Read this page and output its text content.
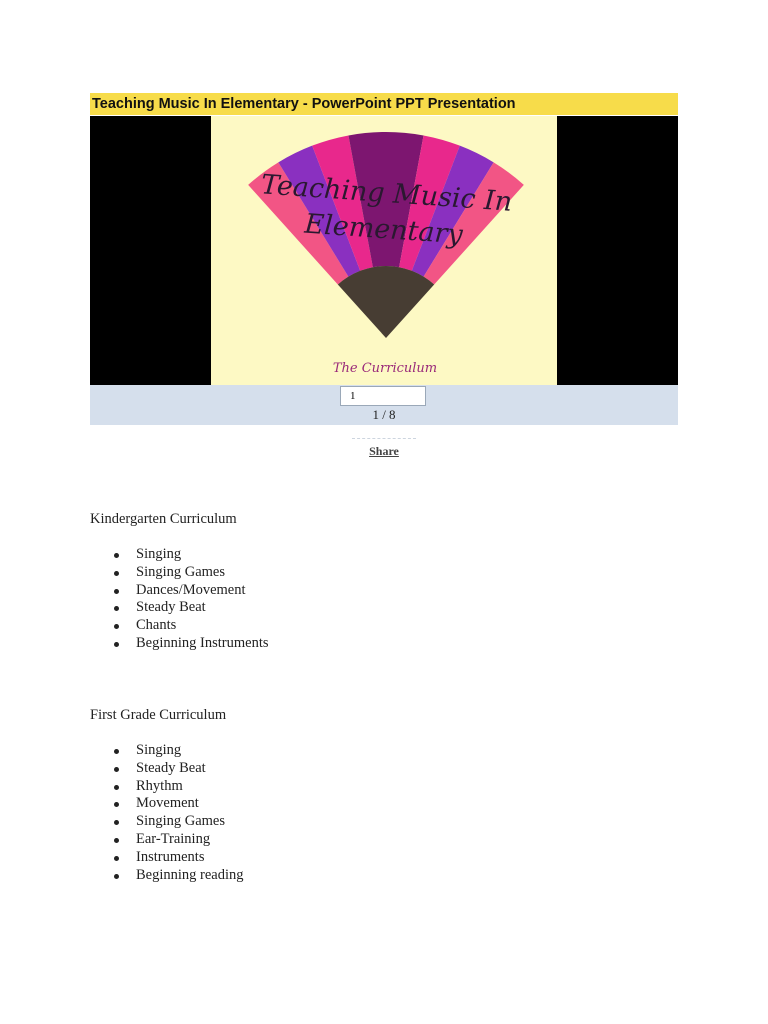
Teaching Music In Elementary - PowerPoint PPT Presentation
Teaching Music In
Elementary
The Curriculum
1
1 / 8
Share
Kindergarten Curriculum
Singing
Singing Games
Dances/Movement
Steady Beat
Chants
Beginning Instruments
First Grade Curriculum
Singing
Steady Beat
Rhythm
Movement
Singing Games
Ear-Training
Instruments
Beginning reading
